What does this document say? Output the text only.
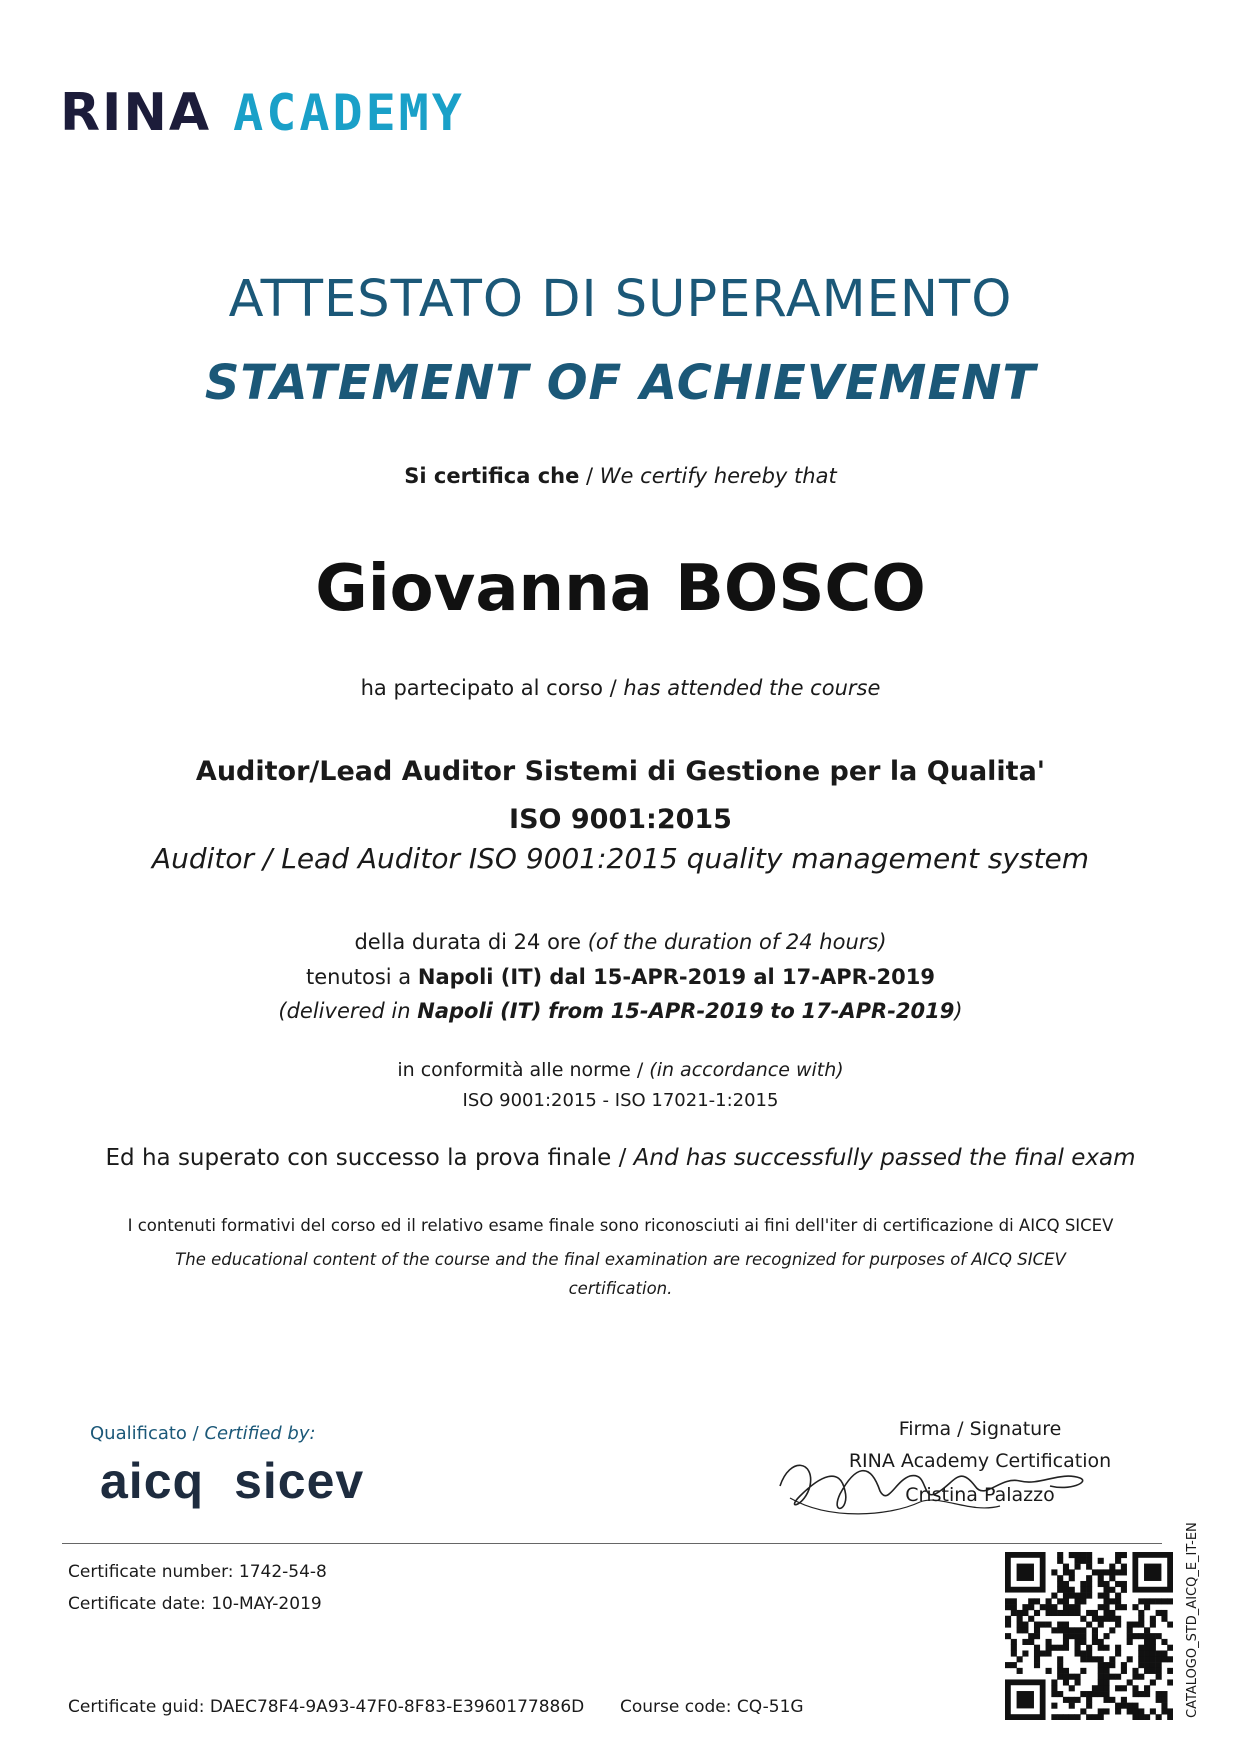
RINA ACADEMY
ATTESTATO DI SUPERAMENTO
STATEMENT OF ACHIEVEMENT
Si certifica che / We certify hereby that
Giovanna BOSCO
ha partecipato al corso / has attended the course
Auditor/Lead Auditor Sistemi di Gestione per la Qualita' ISO 9001:2015
Auditor / Lead Auditor ISO 9001:2015 quality management system
della durata di 24 ore (of the duration of 24 hours)
tenutosi a Napoli (IT) dal 15-APR-2019 al 17-APR-2019
(delivered in Napoli (IT) from 15-APR-2019 to 17-APR-2019)
in conformità alle norme / (in accordance with)
ISO 9001:2015 - ISO 17021-1:2015
Ed ha superato con successo la prova finale / And has successfully passed the final exam
I contenuti formativi del corso ed il relativo esame finale sono riconosciuti ai fini dell'iter di certificazione di AICQ SICEV
The educational content of the course and the final examination are recognized for purposes of AICQ SICEV certification.
Qualificato / Certified by:
aicq sicev
Firma / Signature
RINA Academy Certification
Cristina Palazzo
Certificate number: 1742-54-8
Certificate date: 10-MAY-2019
Certificate guid: DAEC78F4-9A93-47F0-8F83-E3960177886D Course code: CQ-51G	CATALOGO_STD_AICQ_E_IT-EN
